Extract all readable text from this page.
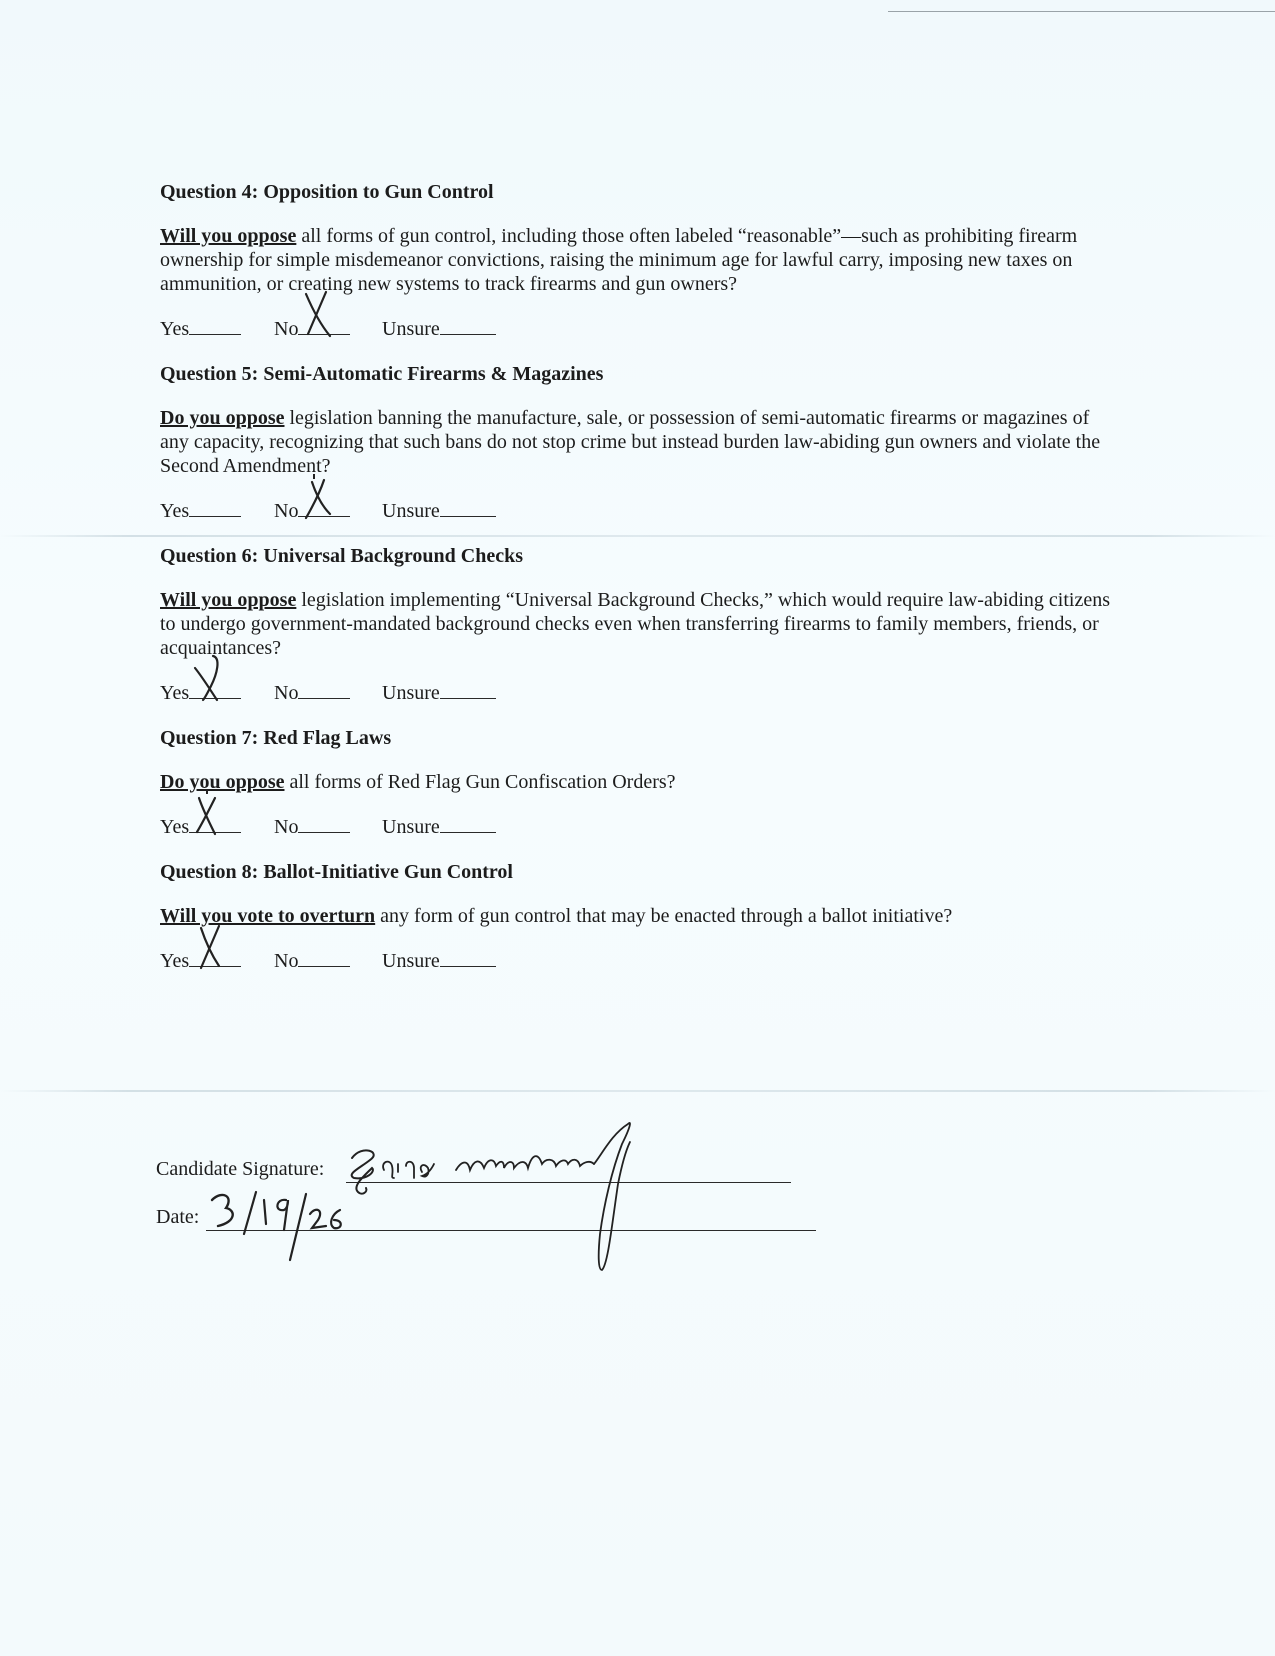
Question 4: Opposition to Gun Control

Will you oppose all forms of gun control, including those often labeled “reasonable”—such as prohibiting firearm ownership for simple misdemeanor convictions, raising the minimum age for lawful carry, imposing new taxes on ammunition, or creating new systems to track firearms and gun owners?

Yes	No	Unsure

Question 5: Semi-Automatic Firearms & Magazines

Do you oppose legislation banning the manufacture, sale, or possession of semi-automatic firearms or magazines of any capacity, recognizing that such bans do not stop crime but instead burden law-abiding gun owners and violate the Second Amendment?

Yes	No	Unsure

Question 6: Universal Background Checks

Will you oppose legislation implementing “Universal Background Checks,” which would require law-abiding citizens to undergo government-mandated background checks even when transferring firearms to family members, friends, or acquaintances?

Yes	No	Unsure

Question 7: Red Flag Laws

Do you oppose all forms of Red Flag Gun Confiscation Orders?

Yes	No	Unsure

Question 8: Ballot-Initiative Gun Control

Will you vote to overturn any form of gun control that may be enacted through a ballot initiative?

Yes	No	Unsure
Candidate Signature:
Date:
